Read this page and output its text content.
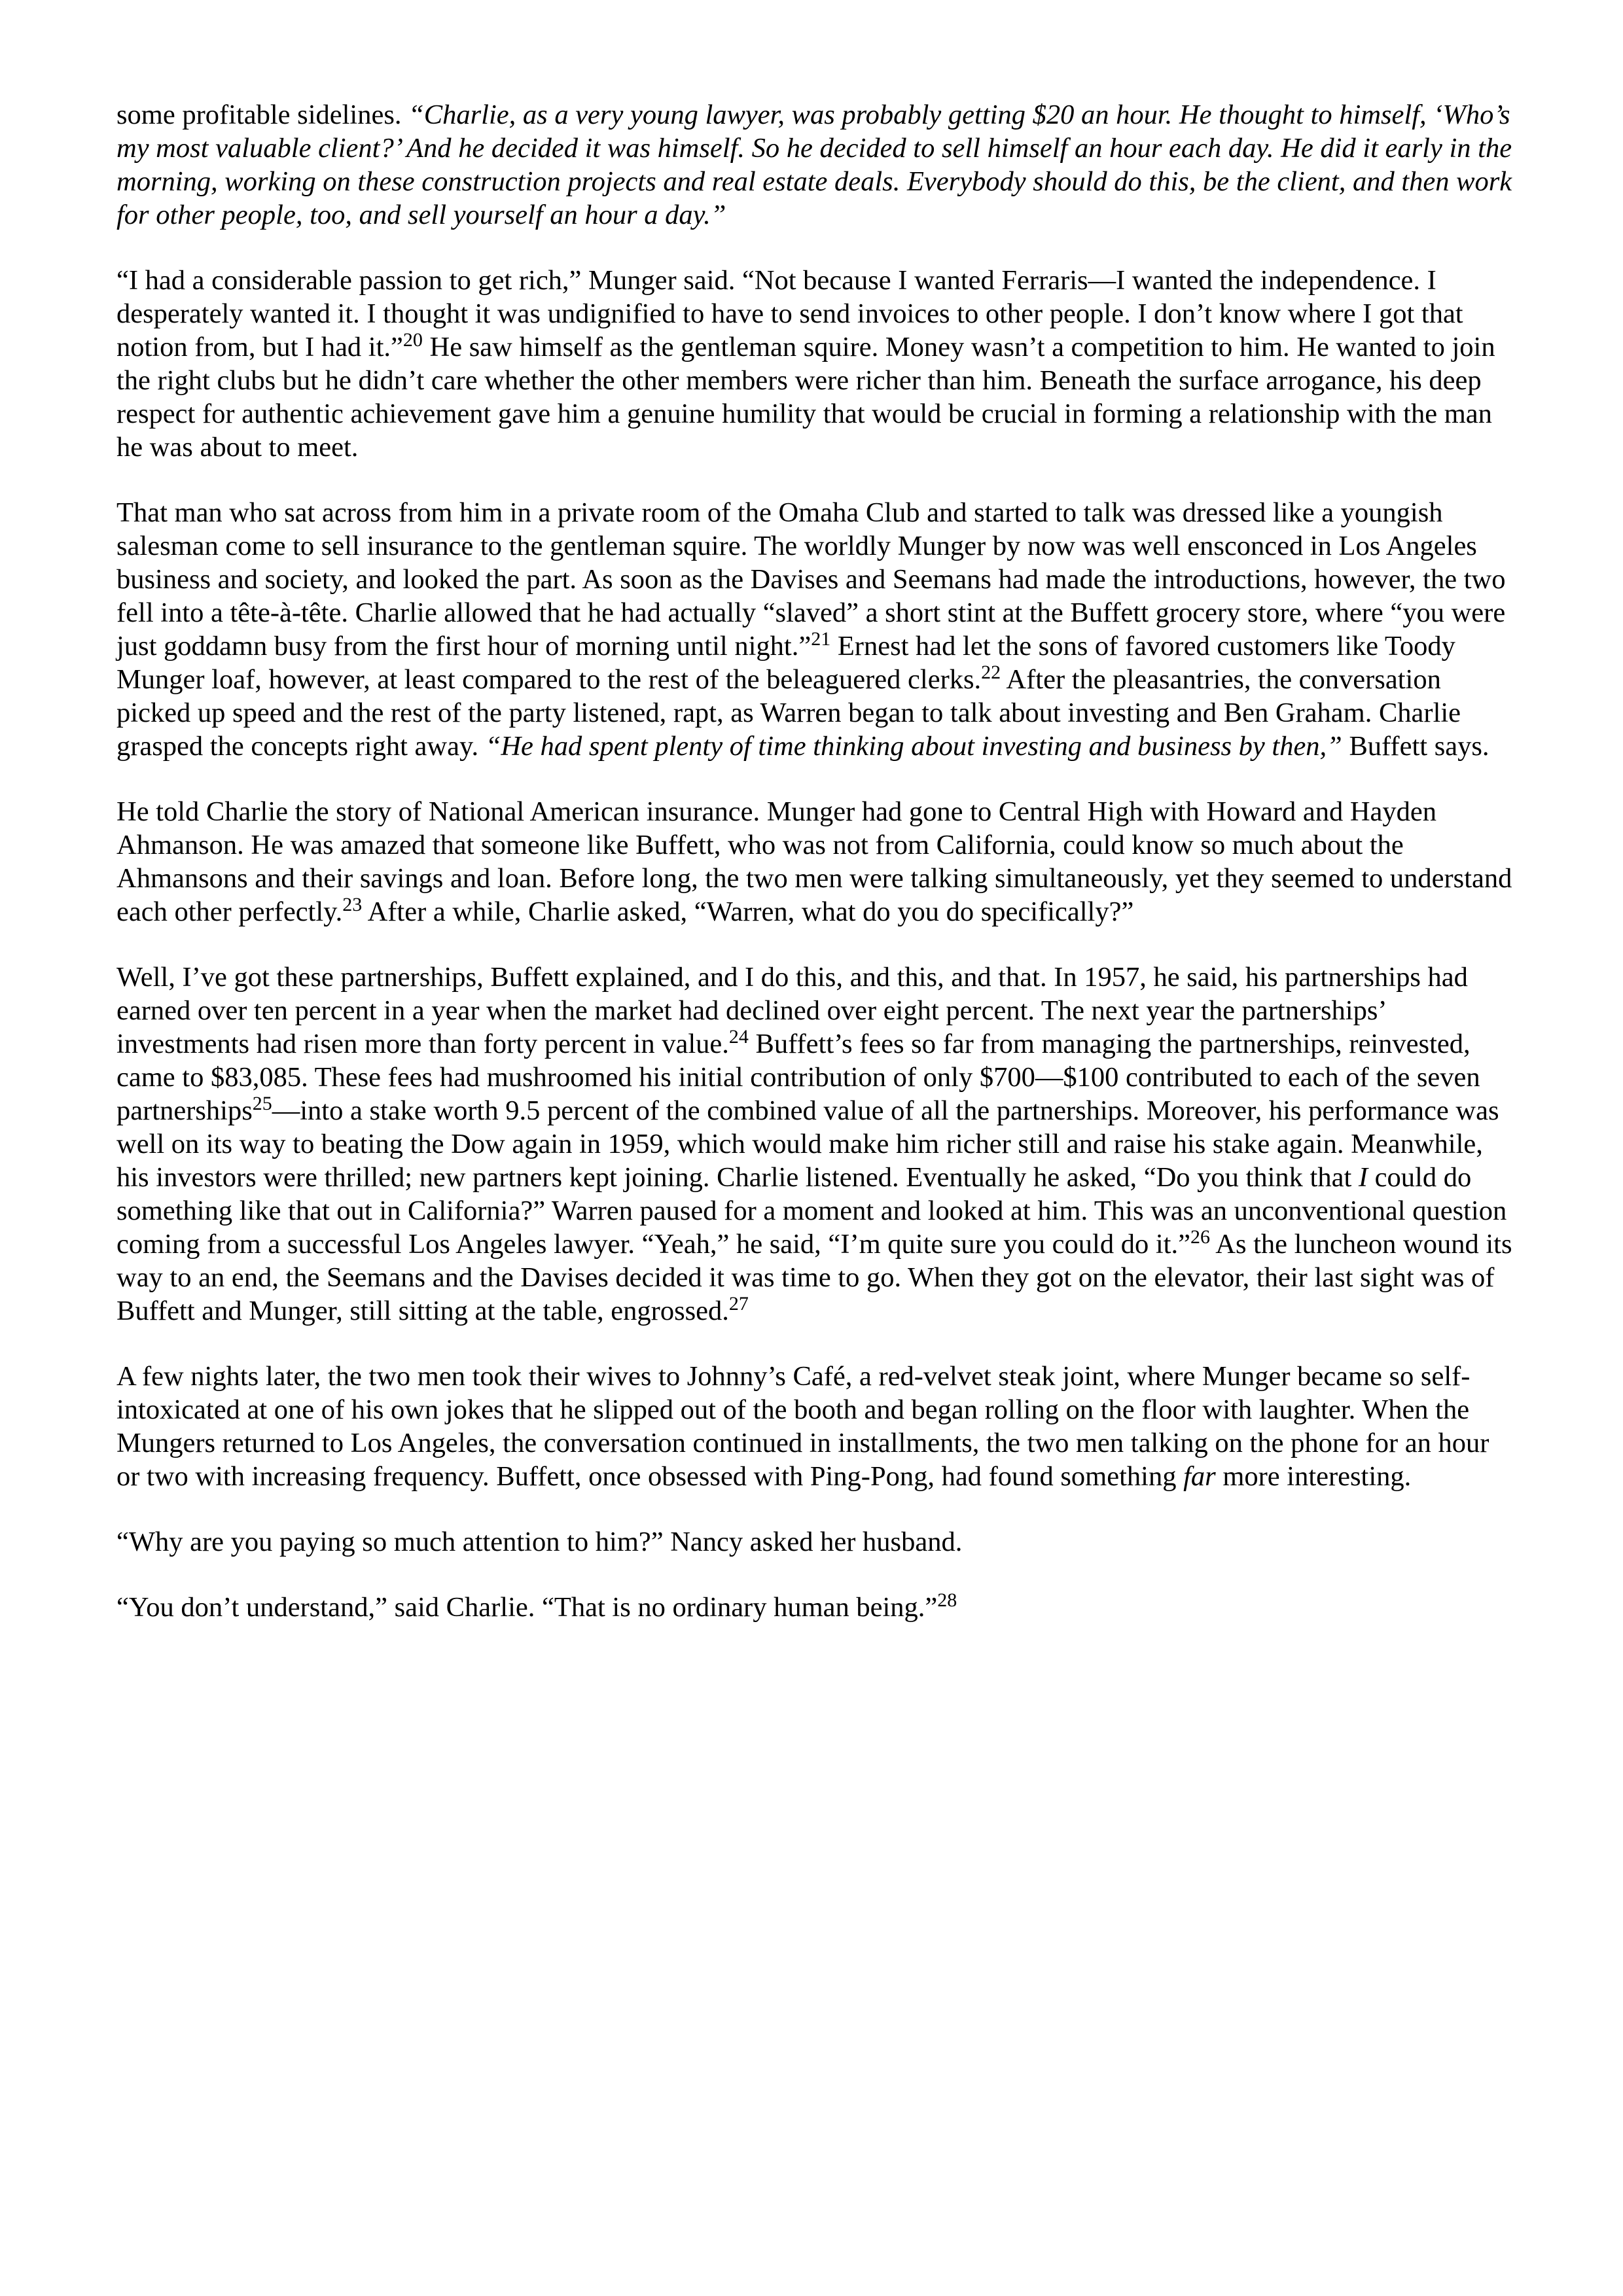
some profitable sidelines. “Charlie, as a very young lawyer, was probably getting $20 an hour. He thought to himself, ‘Who’s my most valuable client?’ And he decided it was himself. So he decided to sell himself an hour each day. He did it early in the morning, working on these construction projects and real estate deals. Everybody should do this, be the client, and then work for other people, too, and sell yourself an hour a day.”

“I had a considerable passion to get rich,” Munger said. “Not because I wanted Ferraris—I wanted the independence. I desperately wanted it. I thought it was undignified to have to send invoices to other people. I don’t know where I got that notion from, but I had it.”$^{20}$ He saw himself as the gentleman squire. Money wasn’t a competition to him. He wanted to join the right clubs but he didn’t care whether the other members were richer than him. Beneath the surface arrogance, his deep respect for authentic achievement gave him a genuine humility that would be crucial in forming a relationship with the man he was about to meet.

That man who sat across from him in a private room of the Omaha Club and started to talk was dressed like a youngish salesman come to sell insurance to the gentleman squire. The worldly Munger by now was well ensconced in Los Angeles business and society, and looked the part. As soon as the Davises and Seemans had made the introductions, however, the two fell into a tête-à-tête. Charlie allowed that he had actually “slaved” a short stint at the Buffett grocery store, where “you were just goddamn busy from the first hour of morning until night.”$^{21}$ Ernest had let the sons of favored customers like Toody Munger loaf, however, at least compared to the rest of the beleaguered clerks.$^{22}$ After the pleasantries, the conversation picked up speed and the rest of the party listened, rapt, as Warren began to talk about investing and Ben Graham. Charlie grasped the concepts right away. “He had spent plenty of time thinking about investing and business by then,” Buffett says.

He told Charlie the story of National American insurance. Munger had gone to Central High with Howard and Hayden Ahmanson. He was amazed that someone like Buffett, who was not from California, could know so much about the Ahmansons and their savings and loan. Before long, the two men were talking simultaneously, yet they seemed to understand each other perfectly.$^{23}$ After a while, Charlie asked, “Warren, what do you do specifically?”

Well, I’ve got these partnerships, Buffett explained, and I do this, and this, and that. In 1957, he said, his partnerships had earned over ten percent in a year when the market had declined over eight percent. The next year the partnerships’ investments had risen more than forty percent in value.$^{24}$ Buffett’s fees so far from managing the partnerships, reinvested, came to $83,085. These fees had mushroomed his initial contribution of only $700—$100 contributed to each of the seven partnerships$^{25}$—into a stake worth 9.5 percent of the combined value of all the partnerships. Moreover, his performance was well on its way to beating the Dow again in 1959, which would make him richer still and raise his stake again. Meanwhile, his investors were thrilled; new partners kept joining. Charlie listened. Eventually he asked, “Do you think that I could do something like that out in California?” Warren paused for a moment and looked at him. This was an unconventional question coming from a successful Los Angeles lawyer. “Yeah,” he said, “I’m quite sure you could do it.”$^{26}$ As the luncheon wound its way to an end, the Seemans and the Davises decided it was time to go. When they got on the elevator, their last sight was of Buffett and Munger, still sitting at the table, engrossed.$^{27}$

A few nights later, the two men took their wives to Johnny’s Café, a red-velvet steak joint, where Munger became so self-intoxicated at one of his own jokes that he slipped out of the booth and began rolling on the floor with laughter. When the Mungers returned to Los Angeles, the conversation continued in installments, the two men talking on the phone for an hour or two with increasing frequency. Buffett, once obsessed with Ping-Pong, had found something far more interesting.

“Why are you paying so much attention to him?” Nancy asked her husband.

“You don’t understand,” said Charlie. “That is no ordinary human being.”$^{28}$
